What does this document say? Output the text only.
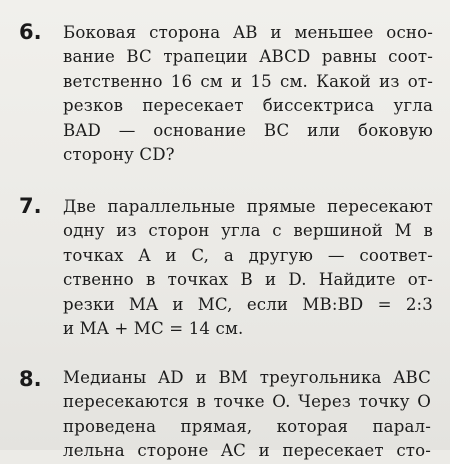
6. Боковая сторона AB и меньшее осно-
вание BC трапеции ABCD равны соот-
ветственно 16 см и 15 см. Какой из от-
резков пересекает биссектриса угла
BAD — основание BC или боковую
сторону CD?
7. Две параллельные прямые пересекают
одну из сторон угла с вершиной M в
точках A и C, а другую — соответ-
ственно в точках B и D. Найдите от-
резки MA и MC, если MB:BD = 2:3
и MA + MC = 14 см.
8. Медианы AD и BM треугольника ABC
пересекаются в точке O. Через точку O
проведена прямая, которая парал-
лельна стороне AC и пересекает сто-
